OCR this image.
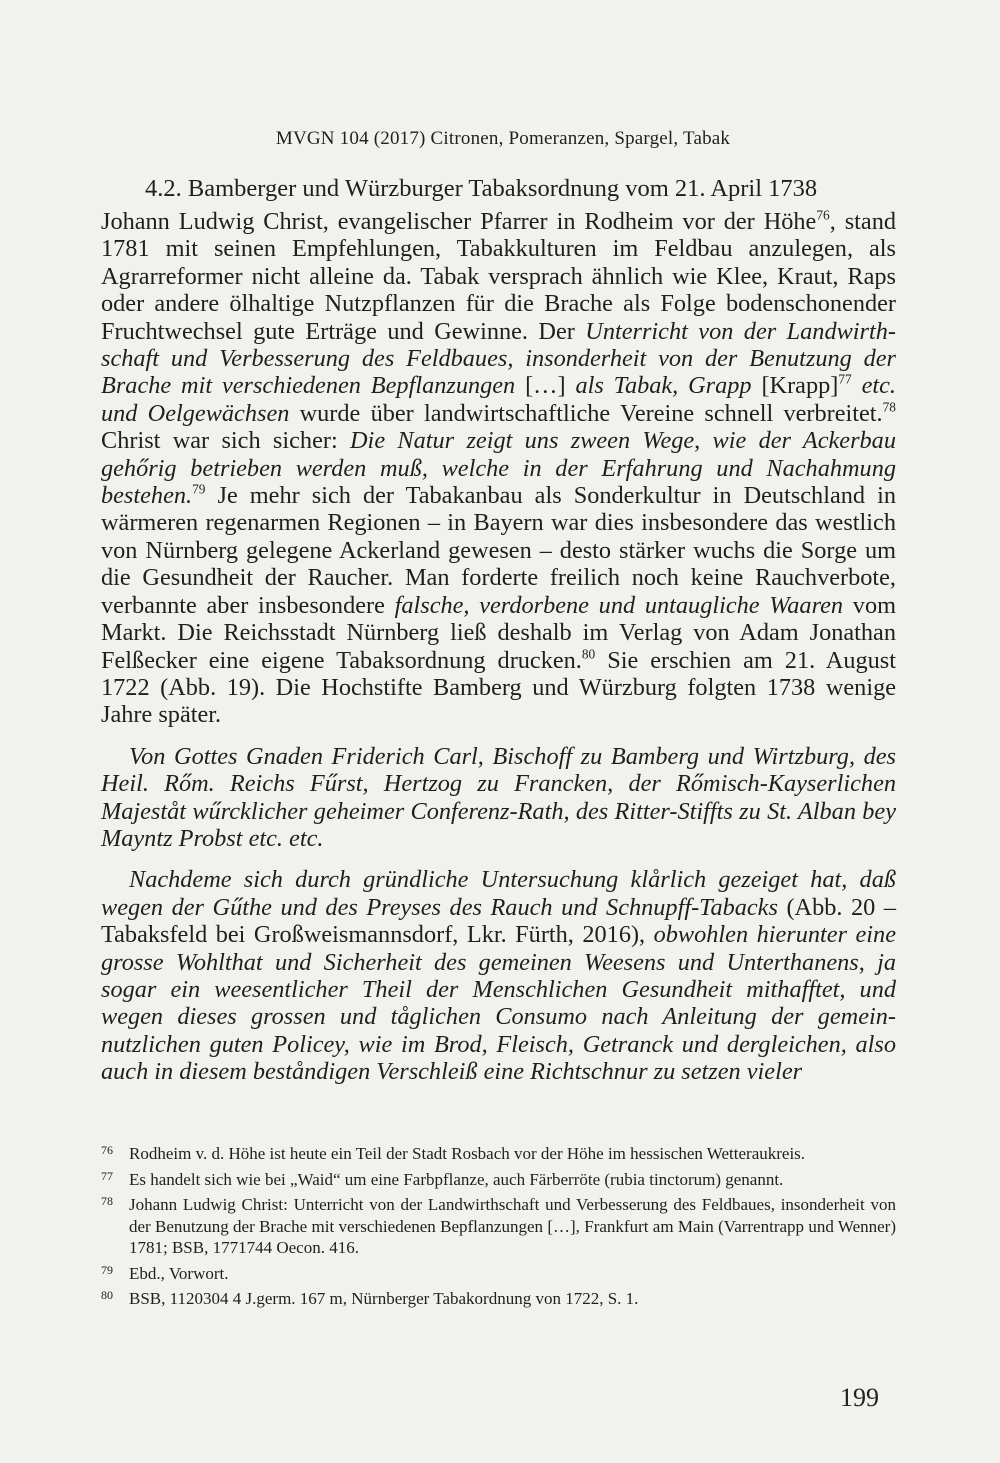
MVGN 104 (2017) Citronen, Pomeranzen, Spargel, Tabak
4.2. Bamberger und Würzburger Tabaksordnung vom 21. April 1738

Johann Ludwig Christ, evangelischer Pfarrer in Rodheim vor der Höhe$^{76}$, stand 1781 mit seinen Empfehlungen, Tabakkulturen im Feldbau anzulegen, als Agrarreformer nicht alleine da. Tabak versprach ähnlich wie Klee, Kraut, Raps oder andere ölhaltige Nutzpflanzen für die Brache als Folge bodenschonender Fruchtwechsel gute Erträge und Gewinne. Der Unterricht von der Landwirthschaft und Verbesserung des Feldbaues, insonderheit von der Benutzung der Brache mit verschiedenen Bepflanzungen […] als Tabak, Grapp [Krapp]$^{77}$ etc. und Oelgewächsen wurde über landwirtschaftliche Vereine schnell verbreitet.$^{78}$ Christ war sich sicher: Die Natur zeigt uns zween Wege, wie der Ackerbau gehőrig betrieben werden muß, welche in der Erfahrung und Nachahmung bestehen.$^{79}$ Je mehr sich der Tabakanbau als Sonderkultur in Deutschland in wärmeren regenarmen Regionen – in Bayern war dies insbesondere das westlich von Nürnberg gelegene Ackerland gewesen – desto stärker wuchs die Sorge um die Gesundheit der Raucher. Man forderte freilich noch keine Rauchverbote, verbannte aber insbesondere falsche, verdorbene und untaugliche Waaren vom Markt. Die Reichsstadt Nürnberg ließ deshalb im Verlag von Adam Jonathan Felßecker eine eigene Tabaksordnung drucken.$^{80}$ Sie erschien am 21. August 1722 (Abb. 19). Die Hochstifte Bamberg und Würzburg folgten 1738 wenige Jahre später.

Von Gottes Gnaden Friderich Carl, Bischoff zu Bamberg und Wirtzburg, des Heil. Rőm. Reichs Fűrst, Hertzog zu Francken, der Rőmisch-Kayserlichen Majeståt wűrcklicher geheimer Conferenz-Rath, des Ritter-Stiffts zu St. Alban bey Mayntz Probst etc. etc.

Nachdeme sich durch gründliche Untersuchung klårlich gezeiget hat, daß wegen der Gűthe und des Preyses des Rauch und Schnupff-Tabacks (Abb. 20 – Tabaksfeld bei Großweismannsdorf, Lkr. Fürth, 2016), obwohlen hierunter eine grosse Wohlthat und Sicherheit des gemeinen Weesens und Unterthanens, ja sogar ein weesentlicher Theil der Menschlichen Gesundheit mithafftet, und wegen dieses grossen und tåglichen Consumo nach Anleitung der gemeinnutzlichen guten Policey, wie im Brod, Fleisch, Getranck und dergleichen, also auch in diesem beståndigen Verschleiß eine Richtschnur zu setzen vieler

76 Rodheim v. d. Höhe ist heute ein Teil der Stadt Rosbach vor der Höhe im hessischen Wetteraukreis.
77 Es handelt sich wie bei „Waid“ um eine Farbpflanze, auch Färberröte (rubia tinctorum) genannt.
78 Johann Ludwig Christ: Unterricht von der Landwirthschaft und Verbesserung des Feldbaues, insonderheit von der Benutzung der Brache mit verschiedenen Bepflanzungen […], Frankfurt am Main (Varrentrapp und Wenner) 1781; BSB, 1771744 Oecon. 416.
79 Ebd., Vorwort.
80 BSB, 1120304 4 J.germ. 167 m, Nürnberger Tabakordnung von 1722, S. 1.
199
